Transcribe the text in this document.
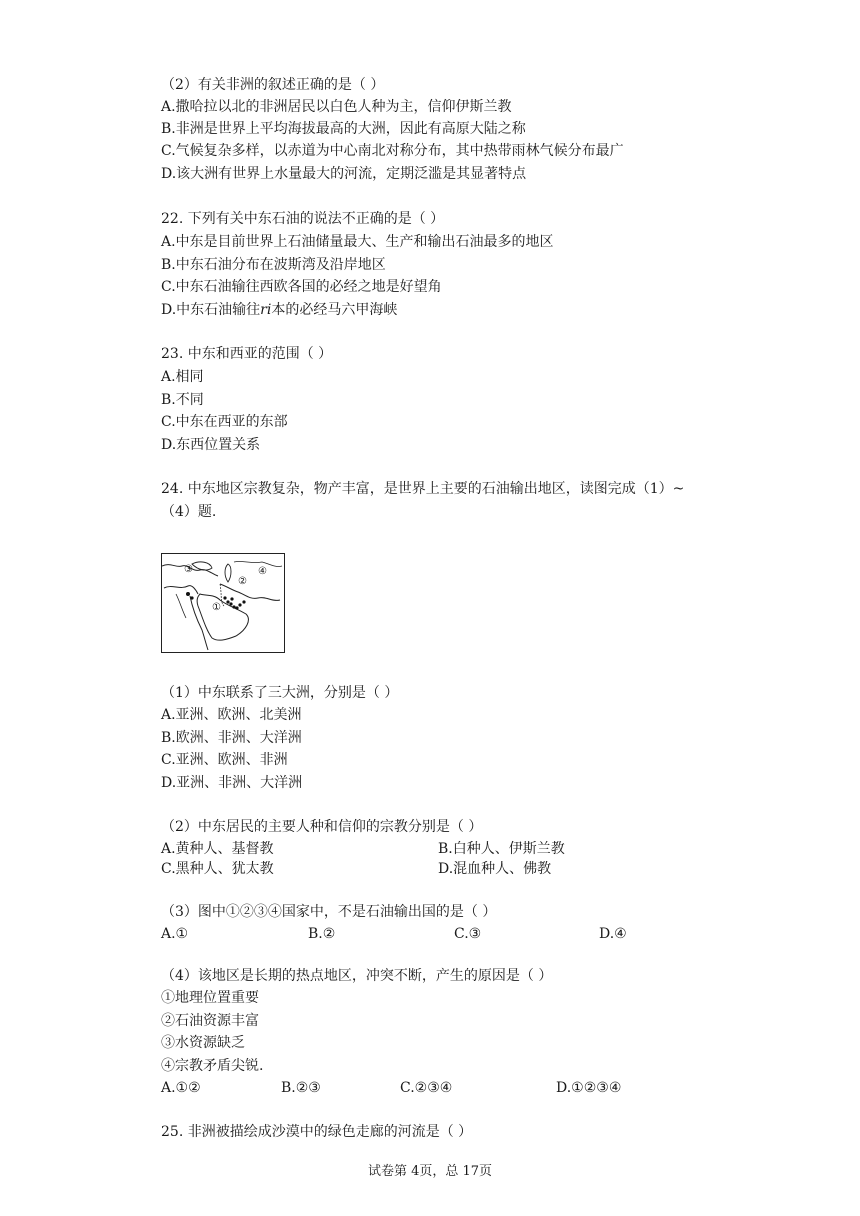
（2）有关非洲的叙述正确的是（ ）
A.撒哈拉以北的非洲居民以白色人种为主，信仰伊斯兰教
B.非洲是世界上平均海拔最高的大洲，因此有高原大陆之称
C.气候复杂多样，以赤道为中心南北对称分布，其中热带雨林气候分布最广
D.该大洲有世界上水量最大的河流，定期泛滥是其显著特点
22. 下列有关中东石油的说法不正确的是（ ）
A.中东是目前世界上石油储量最大、生产和输出石油最多的地区
B.中东石油分布在波斯湾及沿岸地区
C.中东石油输往西欧各国的必经之地是好望角
D.中东石油输往𝑟𝑖本的必经马六甲海峡
23. 中东和西亚的范围（ ）
A.相同
B.不同
C.中东在西亚的东部
D.东西位置关系
24. 中东地区宗教复杂，物产丰富，是世界上主要的石油输出地区，读图完成（1）~
（4）题.
③	④
②
①
（1）中东联系了三大洲，分别是（ ）
A.亚洲、欧洲、北美洲
B.欧洲、非洲、大洋洲
C.亚洲、欧洲、非洲
D.亚洲、非洲、大洋洲
（2）中东居民的主要人种和信仰的宗教分别是（ ）
A.黄种人、基督教	B.白种人、伊斯兰教
C.黑种人、犹太教	D.混血种人、佛教
（3）图中①②③④国家中，不是石油输出国的是（ ）
A.①	B.②	C.③	D.④
（4）该地区是长期的热点地区，冲突不断，产生的原因是（ ）
①地理位置重要
②石油资源丰富
③水资源缺乏
④宗教矛盾尖锐.
A.①②	B.②③	C.②③④	D.①②③④
25. 非洲被描绘成沙漠中的绿色走廊的河流是（ ）
试卷第 4页，总 17页
